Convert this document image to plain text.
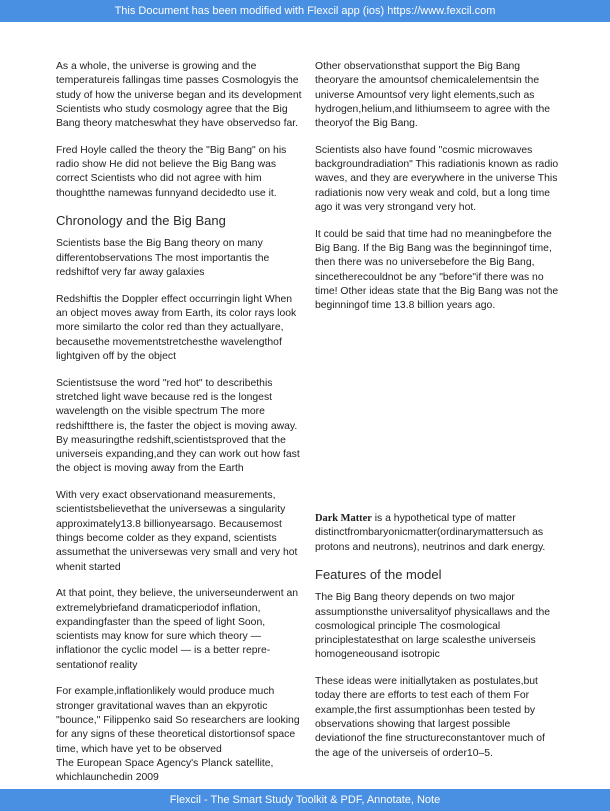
This Document has been modified with Flexcil app (ios) https://www.fexcil.com

As a whole, the universe is growing and the temperatureis fallingas time passes Cosmologyis the study of how the universe began and its development Scientists who study cosmology agree that the Big Bang theory matcheswhat they have observedso far.

Fred Hoyle called the theory the "Big Bang" on his radio show He did not believe the Big Bang was correct Scientists who did not agree with him thoughtthe namewas funnyand decidedto use it.

Chronology and the Big Bang

Scientists base the Big Bang theory on many differentobservations The most importantis the redshiftof very far away galaxies

Redshiftis the Doppler effect occurringin light When an object moves away from Earth, its color rays look more similarto the color red than they actuallyare, becausethe movementstretchesthe wavelengthof lightgiven off by the object

Scientistsuse the word "red hot" to describethis stretched light wave because red is the longest wavelength on the visible spectrum The more redshiftthere is, the faster the object is moving away. By measuringthe redshift,scientistsproved that the universeis expanding,and they can work out how fast the object is moving away from the Earth

With very exact observationand measurements, scientistsbelievethat the universewas a singularity approximately13.8 billionyearsago. Becausemost things become colder as they expand, scientists assumethat the universewas very small and very hot whenit started

At that point, they believe, the universeunderwent an extremelybriefand dramaticperiodof inflation, expandingfaster than the speed of light Soon, scientists may know for sure which theory — inflationor the cyclic model — is a better repre-sentationof reality

For example,inflationlikely would produce much stronger gravitational waves than an ekpyrotic "bounce," Filippenko said So researchers are looking for any signs of these theoretical distortionsof space time, which have yet to be observed

The European Space Agency's Planck satellite, whichlaunchedin 2009

Other observationsthat support the Big Bang theoryare the amountsof chemicalelementsin the universe Amountsof very light elements,such as hydrogen,helium,and lithiumseem to agree with the theoryof the Big Bang.

Scientists also have found "cosmic microwaves backgroundradiation" This radiationis known as radio waves, and they are everywhere in the universe This radiationis now very weak and cold, but a long time ago it was very strongand very hot.

It could be said that time had no meaningbefore the Big Bang. If the Big Bang was the beginningof time, then there was no universebefore the Big Bang, sincetherecouldnot be any "before"if there was no time! Other ideas state that the Big Bang was not the beginningof time 13.8 billion years ago.

Dark Matter is a hypothetical type of matter distinctfrombaryonicmatter(ordinarymattersuch as protons and neutrons), neutrinos and dark energy.

Features of the model

The Big Bang theory depends on two major assumptionsthe universalityof physicallaws and the cosmological principle The cosmological principlestatesthat on large scalesthe universeis homogeneousand isotropic

These ideas were initiallytaken as postulates,but today there are efforts to test each of them For example,the first assumptionhas been tested by observations showing that largest possible deviationof the fine structureconstantover much of the age of the universeis of order10–5.

Flexcil - The Smart Study Toolkit & PDF, Annotate, Note
